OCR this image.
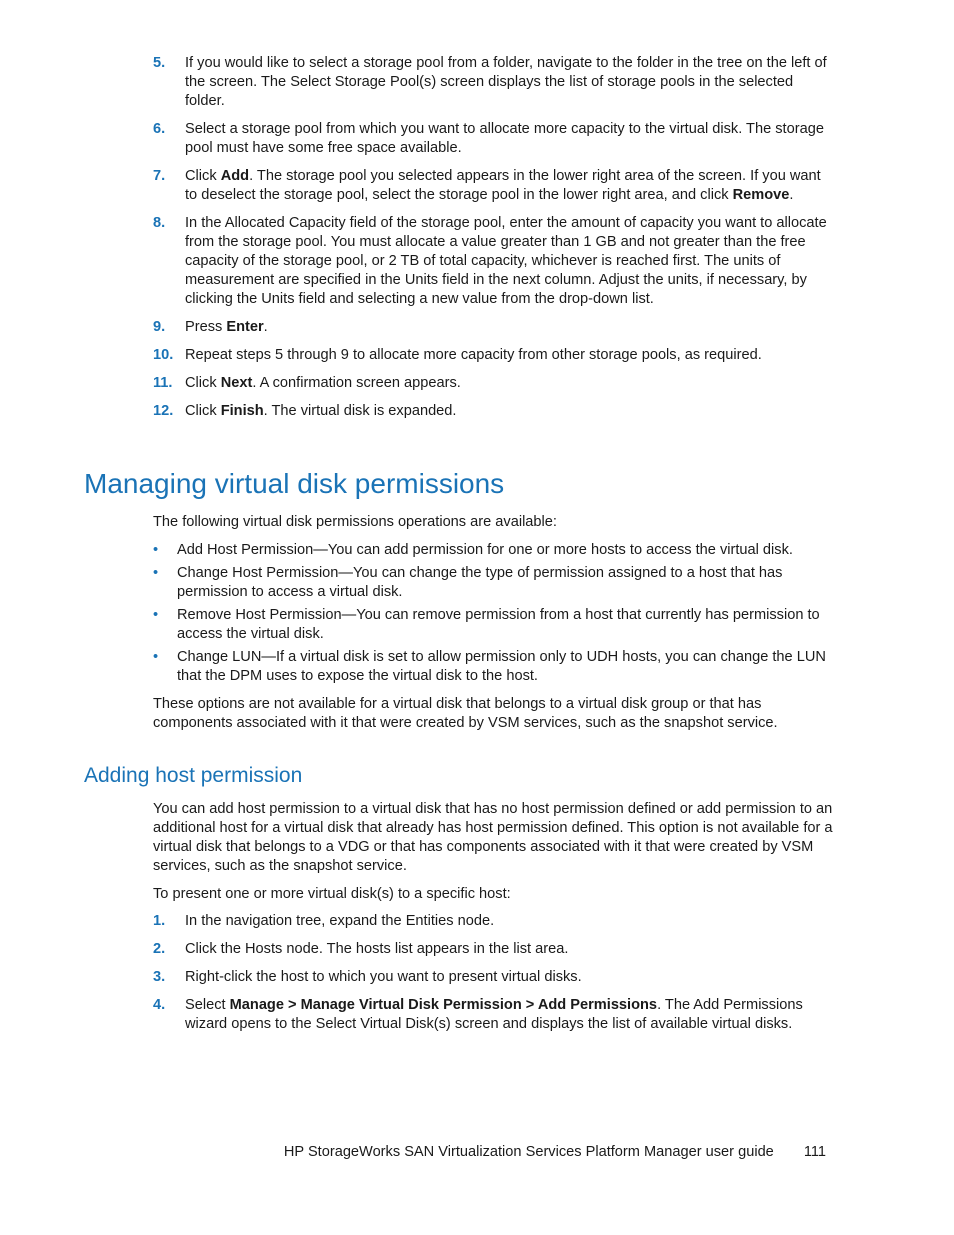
5. If you would like to select a storage pool from a folder, navigate to the folder in the tree on the left of the screen. The Select Storage Pool(s) screen displays the list of storage pools in the selected folder.
6. Select a storage pool from which you want to allocate more capacity to the virtual disk. The storage pool must have some free space available.
7. Click Add. The storage pool you selected appears in the lower right area of the screen. If you want to deselect the storage pool, select the storage pool in the lower right area, and click Remove.
8. In the Allocated Capacity field of the storage pool, enter the amount of capacity you want to allocate from the storage pool. You must allocate a value greater than 1 GB and not greater than the free capacity of the storage pool, or 2 TB of total capacity, whichever is reached first. The units of measurement are specified in the Units field in the next column. Adjust the units, if necessary, by clicking the Units field and selecting a new value from the drop-down list.
9. Press Enter.
10. Repeat steps 5 through 9 to allocate more capacity from other storage pools, as required.
11. Click Next. A confirmation screen appears.
12. Click Finish. The virtual disk is expanded.
Managing virtual disk permissions

The following virtual disk permissions operations are available:

• Add Host Permission—You can add permission for one or more hosts to access the virtual disk.
• Change Host Permission—You can change the type of permission assigned to a host that has permission to access a virtual disk.
• Remove Host Permission—You can remove permission from a host that currently has permission to access the virtual disk.
• Change LUN—If a virtual disk is set to allow permission only to UDH hosts, you can change the LUN that the DPM uses to expose the virtual disk to the host.

These options are not available for a virtual disk that belongs to a virtual disk group or that has components associated with it that were created by VSM services, such as the snapshot service.

Adding host permission

You can add host permission to a virtual disk that has no host permission defined or add permission to an additional host for a virtual disk that already has host permission defined. This option is not available for a virtual disk that belongs to a VDG or that has components associated with it that were created by VSM services, such as the snapshot service.

To present one or more virtual disk(s) to a specific host:

1. In the navigation tree, expand the Entities node.
2. Click the Hosts node. The hosts list appears in the list area.
3. Right-click the host to which you want to present virtual disks.
4. Select Manage > Manage Virtual Disk Permission > Add Permissions. The Add Permissions wizard opens to the Select Virtual Disk(s) screen and displays the list of available virtual disks.
HP StorageWorks SAN Virtualization Services Platform Manager user guide 111
